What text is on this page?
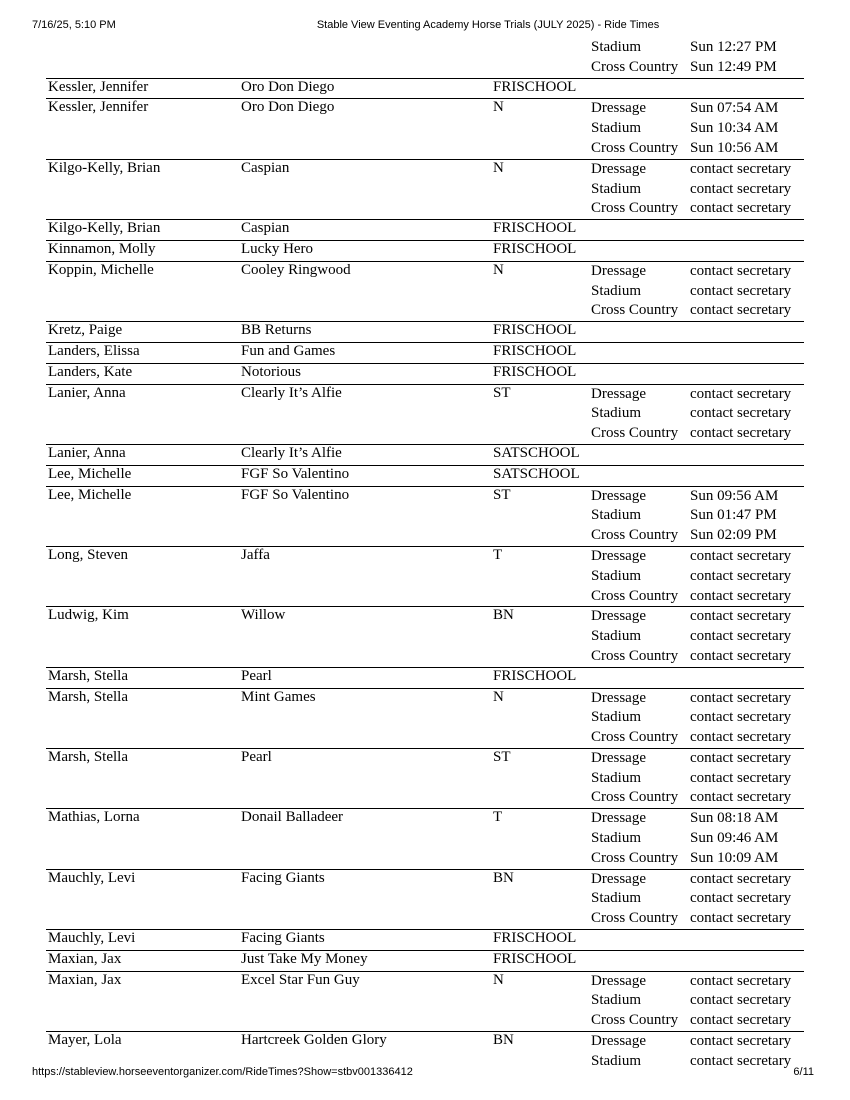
7/16/25, 5:10 PM	Stable View Eventing Academy Horse Trials (JULY 2025) - Ride Times
Stadium	Sun 12:27 PM
Cross Country Sun 12:49 PM
Kessler, Jennifer	Oro Don Diego	FRISCHOOL
Kessler, Jennifer	Oro Don Diego	N	Dressage	Sun 07:54 AM
Stadium	Sun 10:34 AM
Cross Country Sun 10:56 AM
Kilgo-Kelly, Brian	Caspian	N	Dressage	contact secretary
Stadium	contact secretary
Cross Country contact secretary
Kilgo-Kelly, Brian	Caspian	FRISCHOOL
Kinnamon, Molly	Lucky Hero	FRISCHOOL
Koppin, Michelle	Cooley Ringwood	N	Dressage	contact secretary
Stadium	contact secretary
Cross Country contact secretary
Kretz, Paige	BB Returns	FRISCHOOL
Landers, Elissa	Fun and Games	FRISCHOOL
Landers, Kate	Notorious	FRISCHOOL
Lanier, Anna	Clearly It’s Alfie	ST	Dressage	contact secretary
Stadium	contact secretary
Cross Country contact secretary
Lanier, Anna	Clearly It’s Alfie	SATSCHOOL
Lee, Michelle	FGF So Valentino	SATSCHOOL
Lee, Michelle	FGF So Valentino	ST	Dressage	Sun 09:56 AM
Stadium	Sun 01:47 PM
Cross Country Sun 02:09 PM
Long, Steven	Jaffa	T	Dressage	contact secretary
Stadium	contact secretary
Cross Country contact secretary
Ludwig, Kim	Willow	BN	Dressage	contact secretary
Stadium	contact secretary
Cross Country contact secretary
Marsh, Stella	Pearl	FRISCHOOL
Marsh, Stella	Mint Games	N	Dressage	contact secretary
Stadium	contact secretary
Cross Country contact secretary
Marsh, Stella	Pearl	ST	Dressage	contact secretary
Stadium	contact secretary
Cross Country contact secretary
Mathias, Lorna	Donail Balladeer	T	Dressage	Sun 08:18 AM
Stadium	Sun 09:46 AM
Cross Country Sun 10:09 AM
Mauchly, Levi	Facing Giants	BN	Dressage	contact secretary
Stadium	contact secretary
Cross Country contact secretary
Mauchly, Levi	Facing Giants	FRISCHOOL
Maxian, Jax	Just Take My Money	FRISCHOOL
Maxian, Jax	Excel Star Fun Guy	N	Dressage	contact secretary
Stadium	contact secretary
Cross Country contact secretary
Mayer, Lola	Hartcreek Golden Glory	BN	Dressage	contact secretary
Stadium	contact secretary
https://stableview.horseeventorganizer.com/RideTimes?Show=stbv001336412	6/11
